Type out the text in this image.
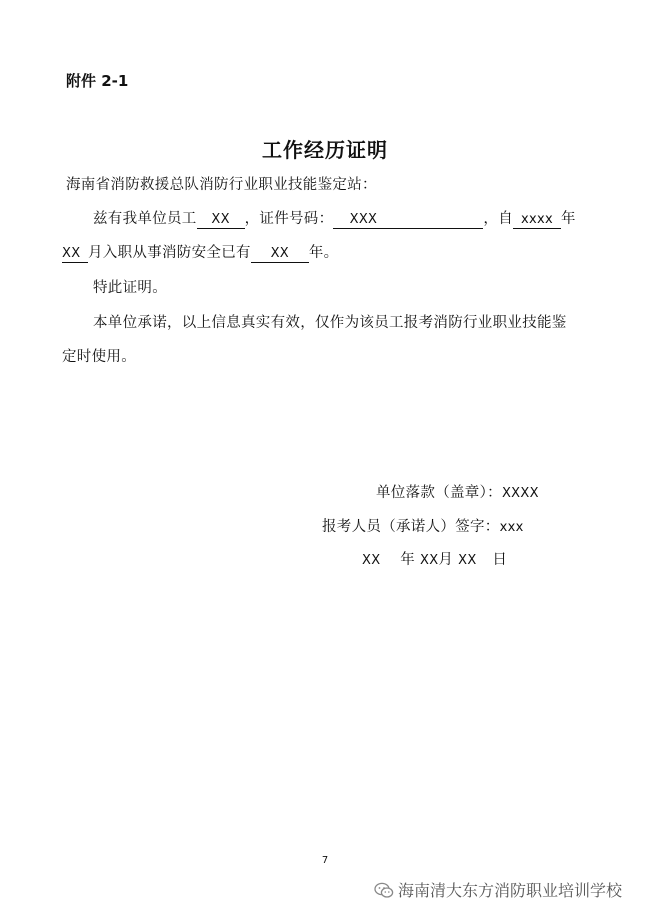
附件 2-1
工作经历证明
海南省消防救援总队消防行业职业技能鉴定站：
兹有我单位员工 XX ，证件号码： XXX	，自 xxxx 年
XX 月入职从事消防安全已有 XX 年。
特此证明。
本单位承诺，以上信息真实有效，仅作为该员工报考消防行业职业技能鉴
定时使用。
单位落款（盖章）：XXXX
报考人员（承诺人）签字：xxx
XX 年 XX月 XX 日
7
海南清大东方消防职业培训学校
